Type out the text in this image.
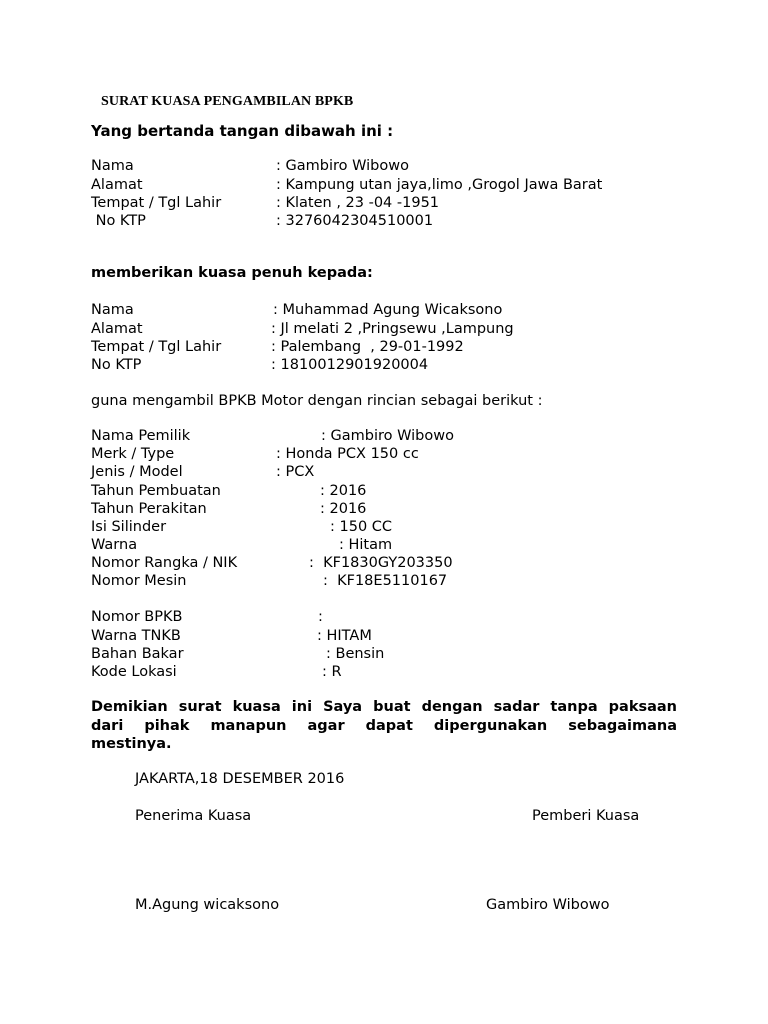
SURAT KUASA PENGAMBILAN BPKB
Yang bertanda tangan dibawah ini :
Nama	: Gambiro Wibowo
Alamat	: Kampung utan jaya,limo ,Grogol Jawa Barat
Tempat / Tgl Lahir	: Klaten , 23 -04 -1951
No KTP	: 3276042304510001
memberikan kuasa penuh kepada:
Nama	: Muhammad Agung Wicaksono
Alamat	: Jl melati 2 ,Pringsewu ,Lampung
Tempat / Tgl Lahir	: Palembang  , 29-01-1992
No KTP	: 1810012901920004
guna mengambil BPKB Motor dengan rincian sebagai berikut :
Nama Pemilik	: Gambiro Wibowo
Merk / Type	: Honda PCX 150 cc
Jenis / Model	: PCX
Tahun Pembuatan	: 2016
Tahun Perakitan	: 2016
Isi Silinder	: 150 CC
Warna	: Hitam
Nomor Rangka / NIK	:  KF1830GY203350
Nomor Mesin	:  KF18E5110167
Nomor BPKB	:
Warna TNKB	: HITAM
Bahan Bakar	: Bensin
Kode Lokasi	: R
Demikian surat kuasa ini Saya buat dengan sadar tanpa paksaan
dari pihak manapun agar dapat dipergunakan sebagaimana
mestinya.
JAKARTA,18 DESEMBER 2016
Penerima Kuasa	Pemberi Kuasa
M.Agung wicaksono	Gambiro Wibowo
